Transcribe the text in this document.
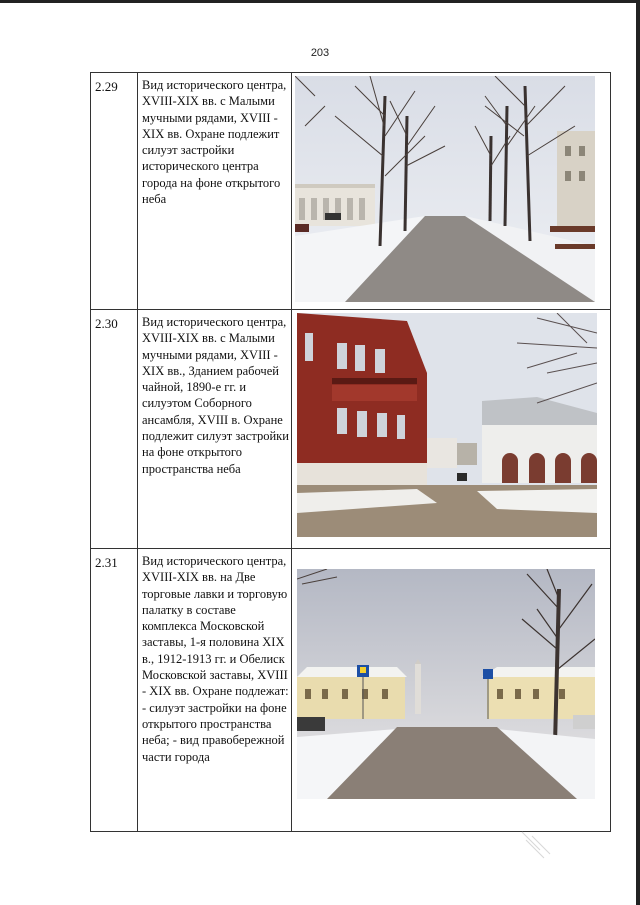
203
2.29	Вид исторического центра, XVIII-XIX вв. с Малыми мучными рядами, XVIII - XIX вв. Охране подлежит силуэт застройки исторического центра города на фоне открытого неба

2.30	Вид исторического центра, XVIII-XIX вв. с Малыми мучными рядами, XVIII - XIX вв., Зданием рабочей чайной, 1890-е гг. и силуэтом Соборного ансамбля, XVIII в. Охране подлежит силуэт застройки на фоне открытого пространства неба

2.31	Вид исторического центра, XVIII-XIX вв. на Две торговые лавки и торговую палатку в составе комплекса Московской заставы, 1-я половина XIX в., 1912-1913 гг. и Обелиск Московской заставы, XVIII - XIX вв. Охране подлежат: - силуэт застройки на фоне открытого пространства неба; - вид правобережной части города
